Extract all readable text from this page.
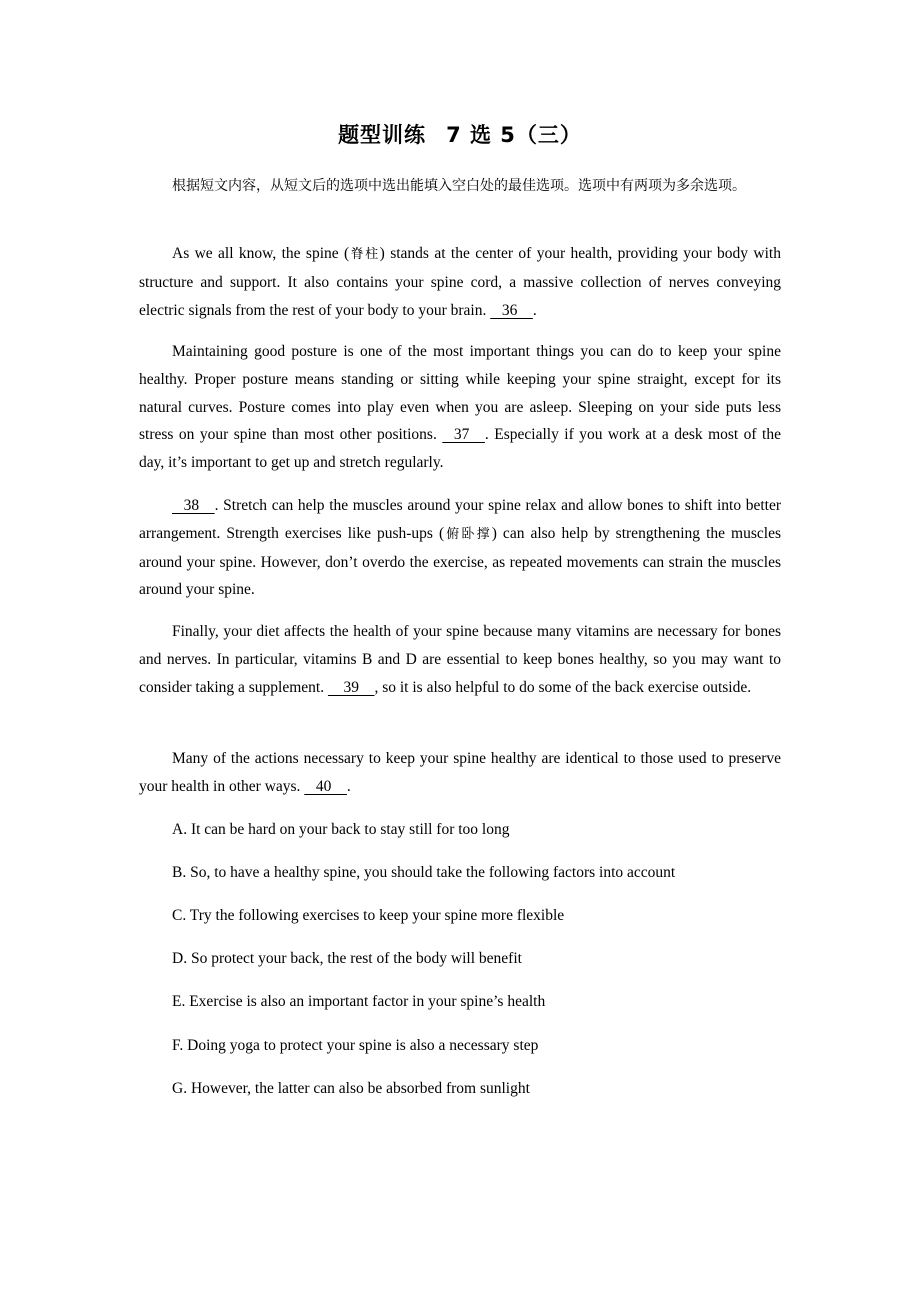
题型训练 7 选 5（三）

根据短文内容，从短文后的选项中选出能填入空白处的最佳选项。选项中有两项为多余选项。

As we all know, the spine (脊柱) stands at the center of your health, providing your body with structure and support. It also contains your spine cord, a massive collection of nerves conveying electric signals from the rest of your body to your brain.    36    .

Maintaining good posture is one of the most important things you can do to keep your spine healthy. Proper posture means standing or sitting while keeping your spine straight, except for its natural curves. Posture comes into play even when you are asleep. Sleeping on your side puts less stress on your spine than most other positions.    37    . Especially if you work at a desk most of the day, it’s important to get up and stretch regularly.

38    . Stretch can help the muscles around your spine relax and allow bones to shift into better arrangement. Strength exercises like push-ups (俯卧撑) can also help by strengthening the muscles around your spine. However, don’t overdo the exercise, as repeated movements can strain the muscles around your spine.

Finally, your diet affects the health of your spine because many vitamins are necessary for bones and nerves. In particular, vitamins B and D are essential to keep bones healthy, so you may want to consider taking a supplement.     39    , so it is also helpful to do some of the back exercise outside.

Many of the actions necessary to keep your spine healthy are identical to those used to preserve your health in other ways.    40    .

A. It can be hard on your back to stay still for too long

B. So, to have a healthy spine, you should take the following factors into account

C. Try the following exercises to keep your spine more flexible

D. So protect your back, the rest of the body will benefit

E. Exercise is also an important factor in your spine’s health

F. Doing yoga to protect your spine is also a necessary step

G. However, the latter can also be absorbed from sunlight
